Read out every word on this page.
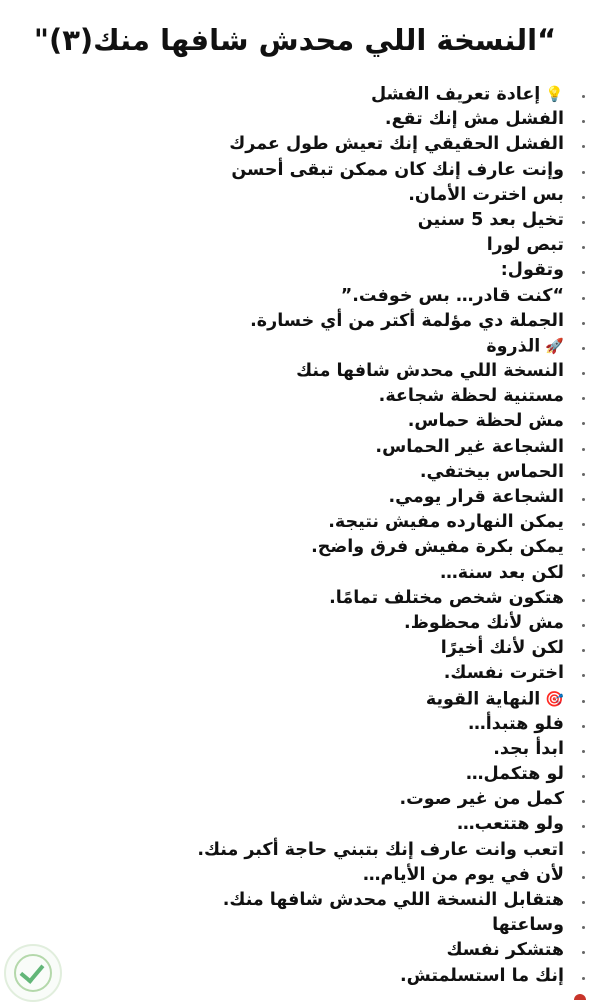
“النسخة اللي محدش شافها منك(٣)"
💡إعادة تعريف الفشل
الفشل مش إنك تقع.
الفشل الحقيقي إنك تعيش طول عمرك
وإنت عارف إنك كان ممكن تبقى أحسن
بس اخترت الأمان.
تخيل بعد 5 سنين
تبص لورا
وتقول:
“كنت قادر… بس خوفت.”
الجملة دي مؤلمة أكتر من أي خسارة.
🚀الذروة
النسخة اللي محدش شافها منك
مستنية لحظة شجاعة.
مش لحظة حماس.
الشجاعة غير الحماس.
الحماس بيختفي.
الشجاعة قرار يومي.
يمكن النهارده مفيش نتيجة.
يمكن بكرة مفيش فرق واضح.
لكن بعد سنة…
هتكون شخص مختلف تمامًا.
مش لأنك محظوظ.
لكن لأنك أخيرًا
اخترت نفسك.
🎯النهاية القوية
فلو هتبدأ…
ابدأ بجد.
لو هتكمل…
كمل من غير صوت.
ولو هتتعب…
اتعب وانت عارف إنك بتبني حاجة أكبر منك.
لأن في يوم من الأيام…
هتقابل النسخة اللي محدش شافها منك.
وساعتها
هتشكر نفسك
إنك ما استسلمتش.
